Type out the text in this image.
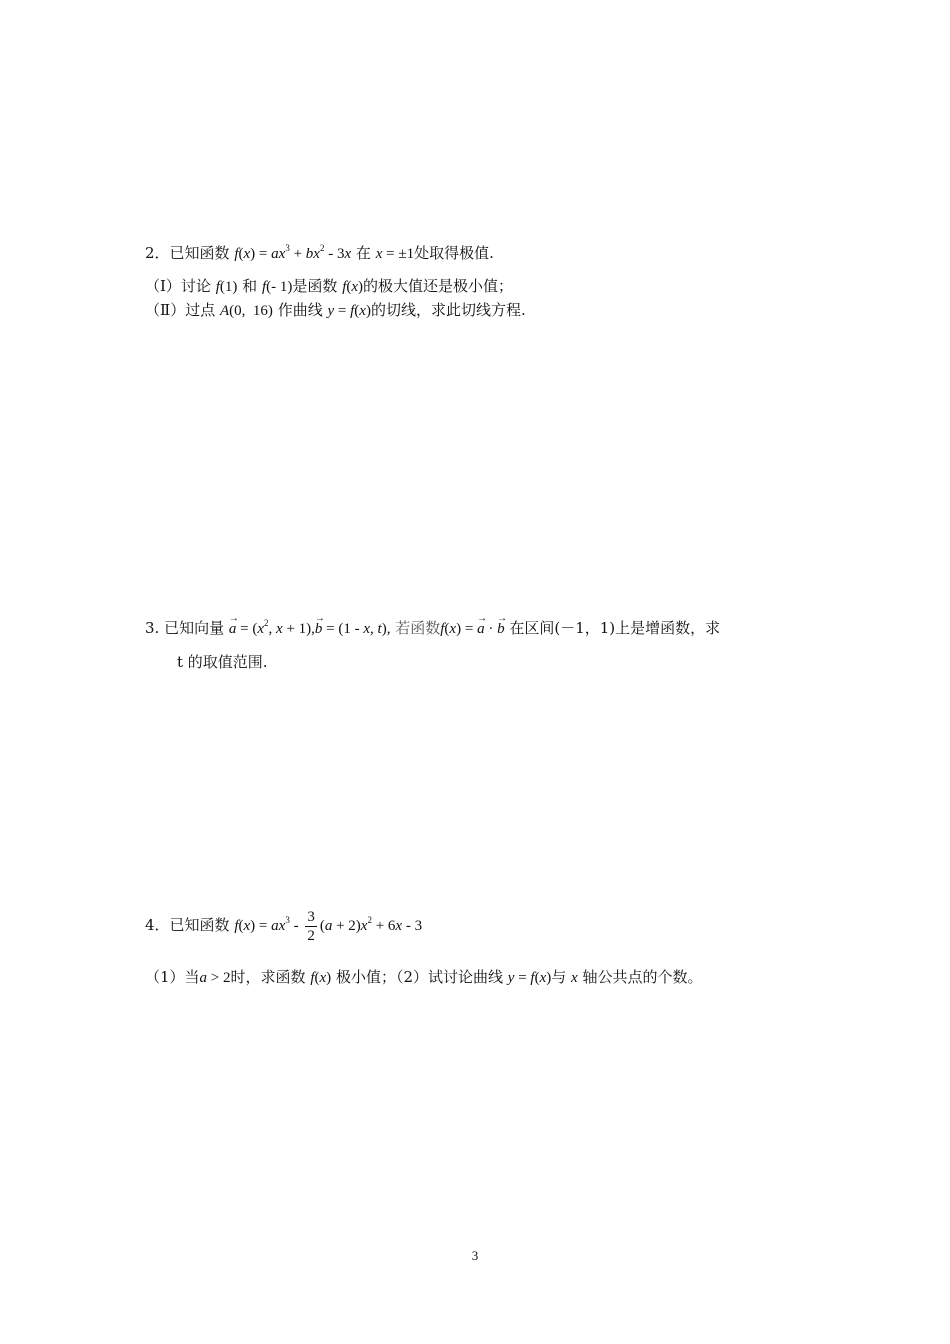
2．已知函数 $f(x) = ax^3 + bx^2 - 3x$ 在 x = ±1处取得极值.
（Ⅰ）讨论 f(1) 和 f(- 1)是函数 f(x)的极大值还是极小值；
（Ⅱ）过点 A(0,  16) 作曲线 y = f(x)的切线，求此切线方程.
3. 已知向量 → $a = (x^2$, x + 1),→ b = (1 - x, t), 若函数f(x) = → a · → b 在区间(－1，1)上是增函数，求
t 的取值范围.
4．已知函数 $f(x) = ax^3 - \frac{3}{2} (a + 2)x^2 + 6x - 3$
（1）当a > 2时，求函数 f(x) 极小值；（2）试讨论曲线 y = f(x)与 x 轴公共点的个数。
3
